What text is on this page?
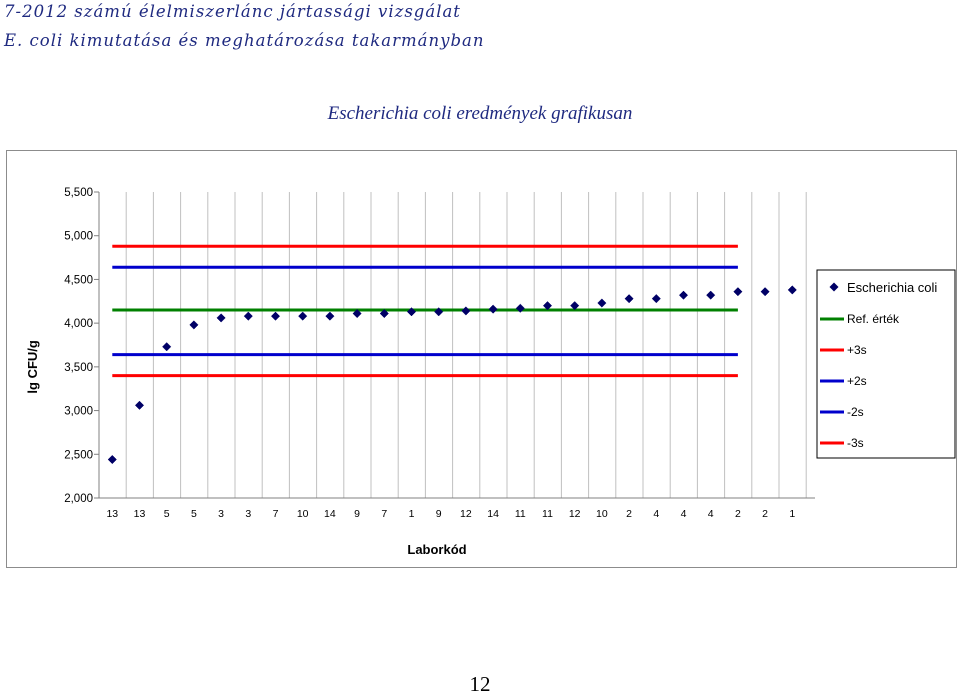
7-2012 számú élelmiszerlánc jártassági vizsgálat
E. coli kimutatása és meghatározása takarmányban
Escherichia coli eredmények grafikusan
2,000
2,500
3,000
3,500
4,000
4,500
5,000
5,500
13 13 5 5 3 3 7 10 14 9 7 1 9 12 14 11 11 12 10 2 4 4 4 2 2 1
Laborkód
lg CFU/g
Escherichia coli
Ref. érték
+3s
+2s
-2s
-3s
12
